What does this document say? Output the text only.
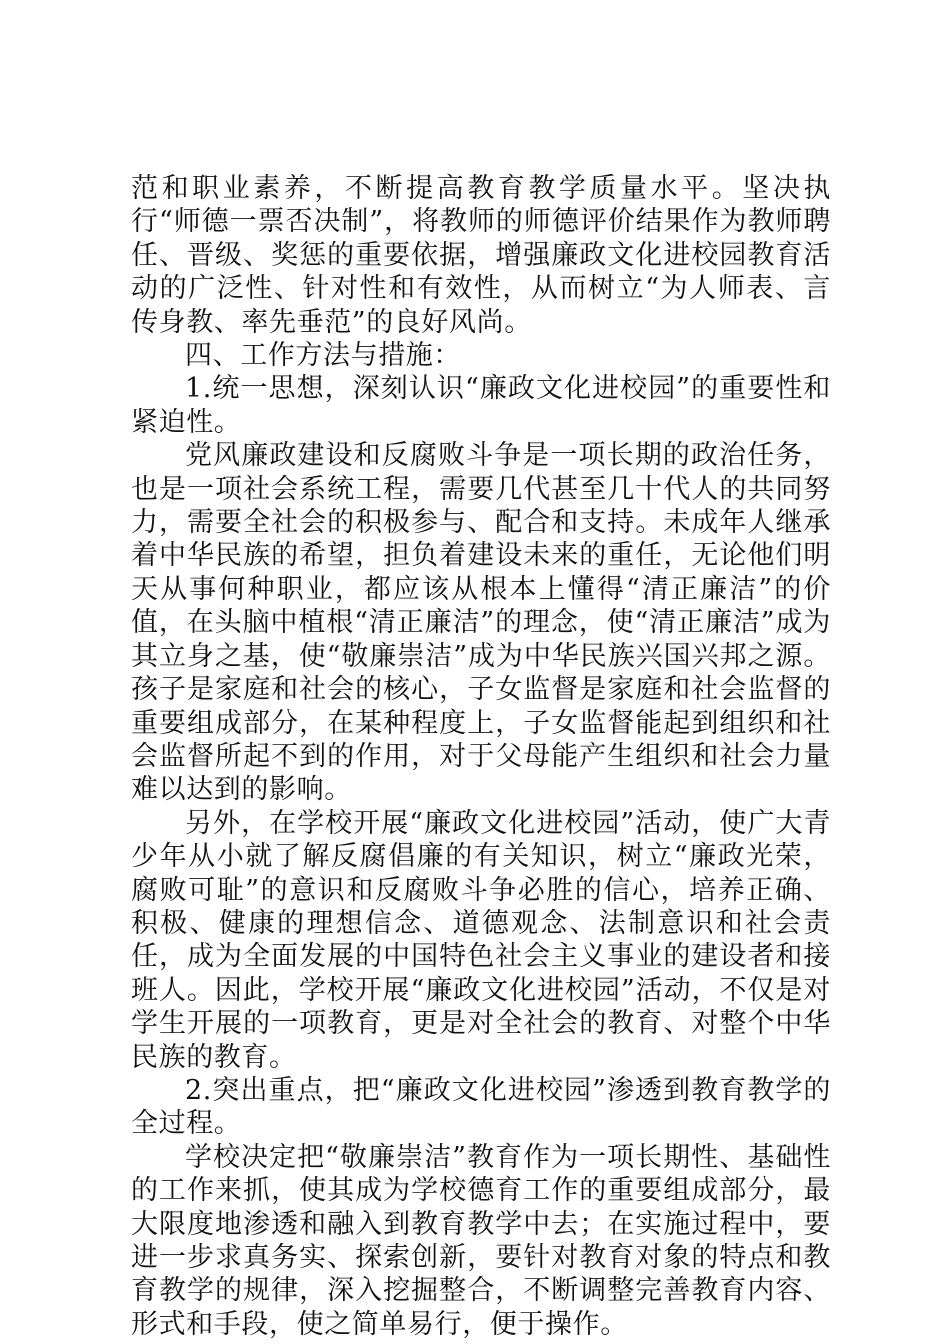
范和职业素养，不断提高教育教学质量水平。坚决执行“师德一票否决制”，将教师的师德评价结果作为教师聘任、晋级、奖惩的重要依据，增强廉政文化进校园教育活动的广泛性、针对性和有效性，从而树立“为人师表、言传身教、率先垂范”的良好风尚。

四、工作方法与措施：

1.统一思想，深刻认识“廉政文化进校园”的重要性和紧迫性。

党风廉政建设和反腐败斗争是一项长期的政治任务，也是一项社会系统工程，需要几代甚至几十代人的共同努力，需要全社会的积极参与、配合和支持。未成年人继承着中华民族的希望，担负着建设未来的重任，无论他们明天从事何种职业，都应该从根本上懂得“清正廉洁”的价值，在头脑中植根“清正廉洁”的理念，使“清正廉洁”成为其立身之基，使“敬廉崇洁”成为中华民族兴国兴邦之源。孩子是家庭和社会的核心，子女监督是家庭和社会监督的重要组成部分，在某种程度上，子女监督能起到组织和社会监督所起不到的作用，对于父母能产生组织和社会力量难以达到的影响。

另外，在学校开展“廉政文化进校园”活动，使广大青少年从小就了解反腐倡廉的有关知识，树立“廉政光荣，腐败可耻”的意识和反腐败斗争必胜的信心，培养正确、积极、健康的理想信念、道德观念、法制意识和社会责任，成为全面发展的中国特色社会主义事业的建设者和接班人。因此，学校开展“廉政文化进校园”活动，不仅是对学生开展的一项教育，更是对全社会的教育、对整个中华民族的教育。

2.突出重点，把“廉政文化进校园”渗透到教育教学的全过程。

学校决定把“敬廉崇洁”教育作为一项长期性、基础性的工作来抓，使其成为学校德育工作的重要组成部分，最大限度地渗透和融入到教育教学中去；在实施过程中，要进一步求真务实、探索创新，要针对教育对象的特点和教育教学的规律，深入挖掘整合，不断调整完善教育内容、形式和手段，使之简单易行，便于操作。
